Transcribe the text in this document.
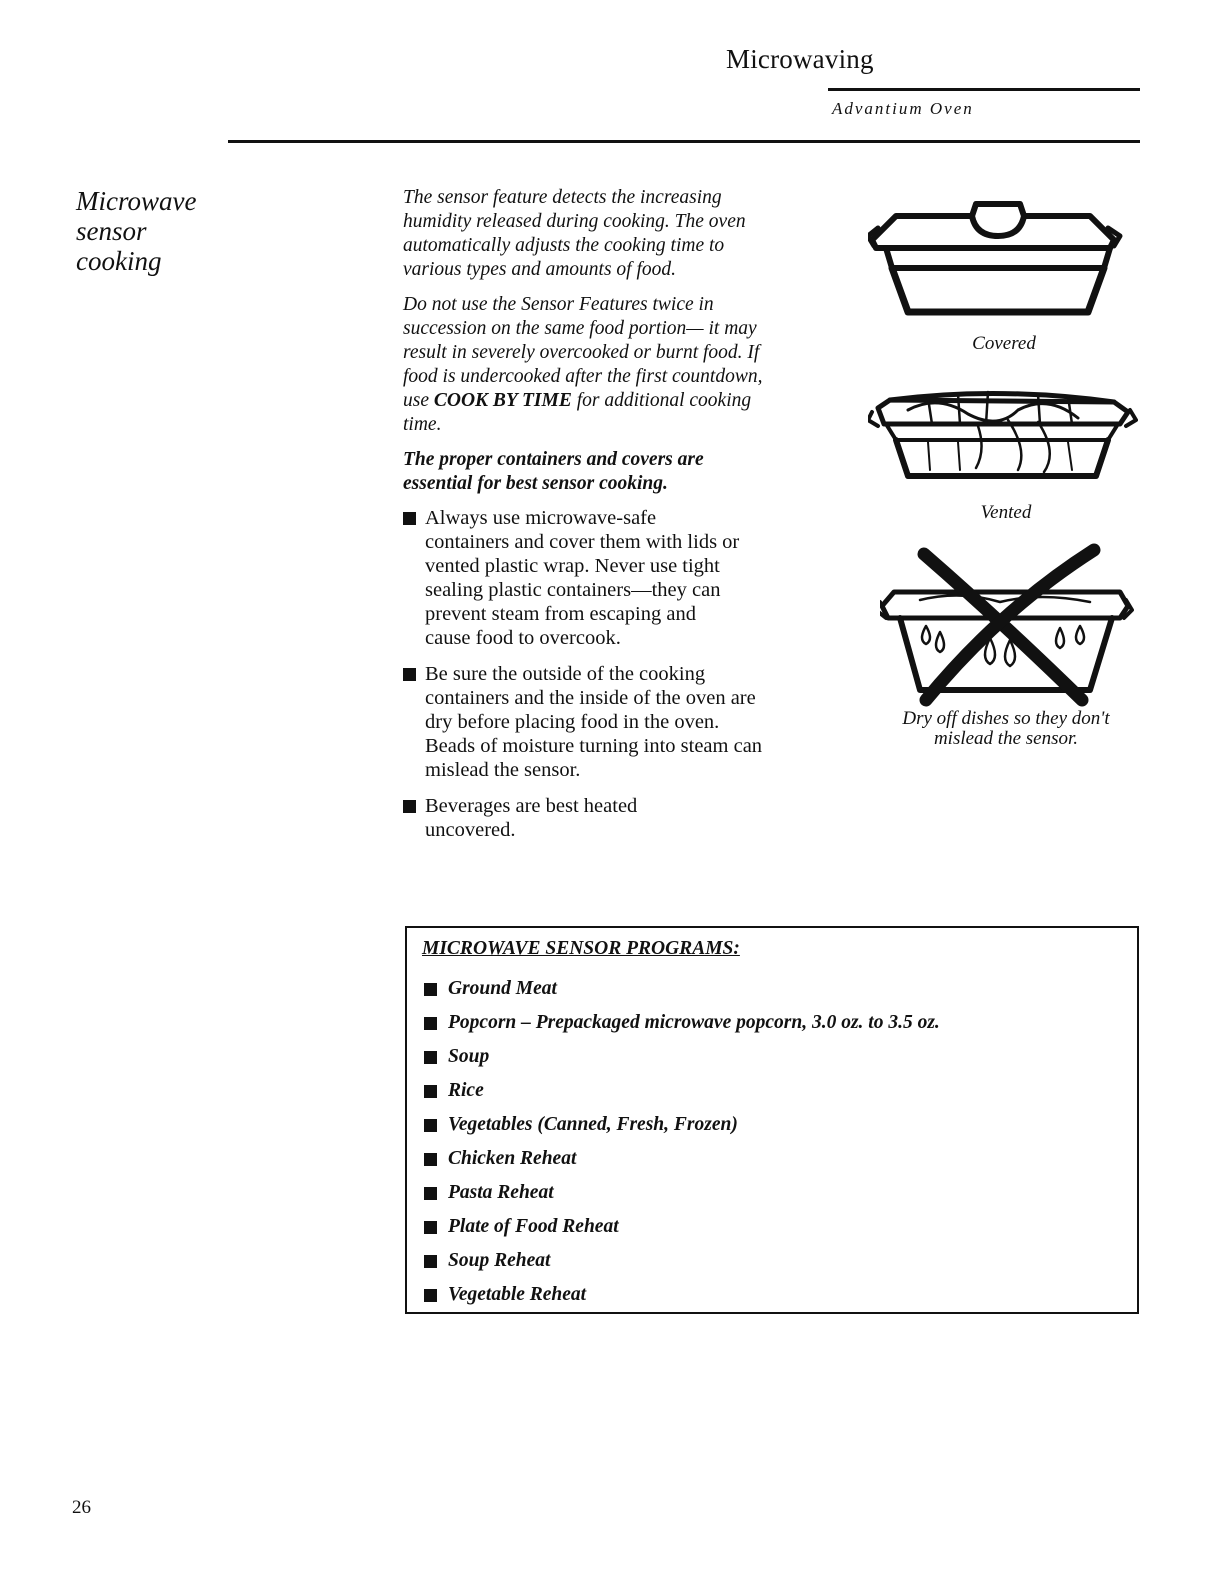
Microwaving
Advantium Oven
Microwave
sensor
cooking

The sensor feature detects the increasing humidity released during cooking. The oven automatically adjusts the cooking time to various types and amounts of food.

Do not use the Sensor Features twice in succession on the same food portion— it may result in severely overcooked or burnt food. If food is undercooked after the first countdown, use COOK BY TIME for additional cooking time.

The proper containers and covers are essential for best sensor cooking.

Always use microwave-safe containers and cover them with lids or vented plastic wrap. Never use tight sealing plastic containers—they can prevent steam from escaping and cause food to overcook.
Be sure the outside of the cooking containers and the inside of the oven are dry before placing food in the oven. Beads of moisture turning into steam can mislead the sensor.
Beverages are best heated uncovered.
Covered
Vented
Dry off dishes so they don't
mislead the sensor.
MICROWAVE SENSOR PROGRAMS:
Ground Meat
Popcorn – Prepackaged microwave popcorn, 3.0 oz. to 3.5 oz.
Soup
Rice
Vegetables (Canned, Fresh, Frozen)
Chicken Reheat
Pasta Reheat
Plate of Food Reheat
Soup Reheat
Vegetable Reheat
26
